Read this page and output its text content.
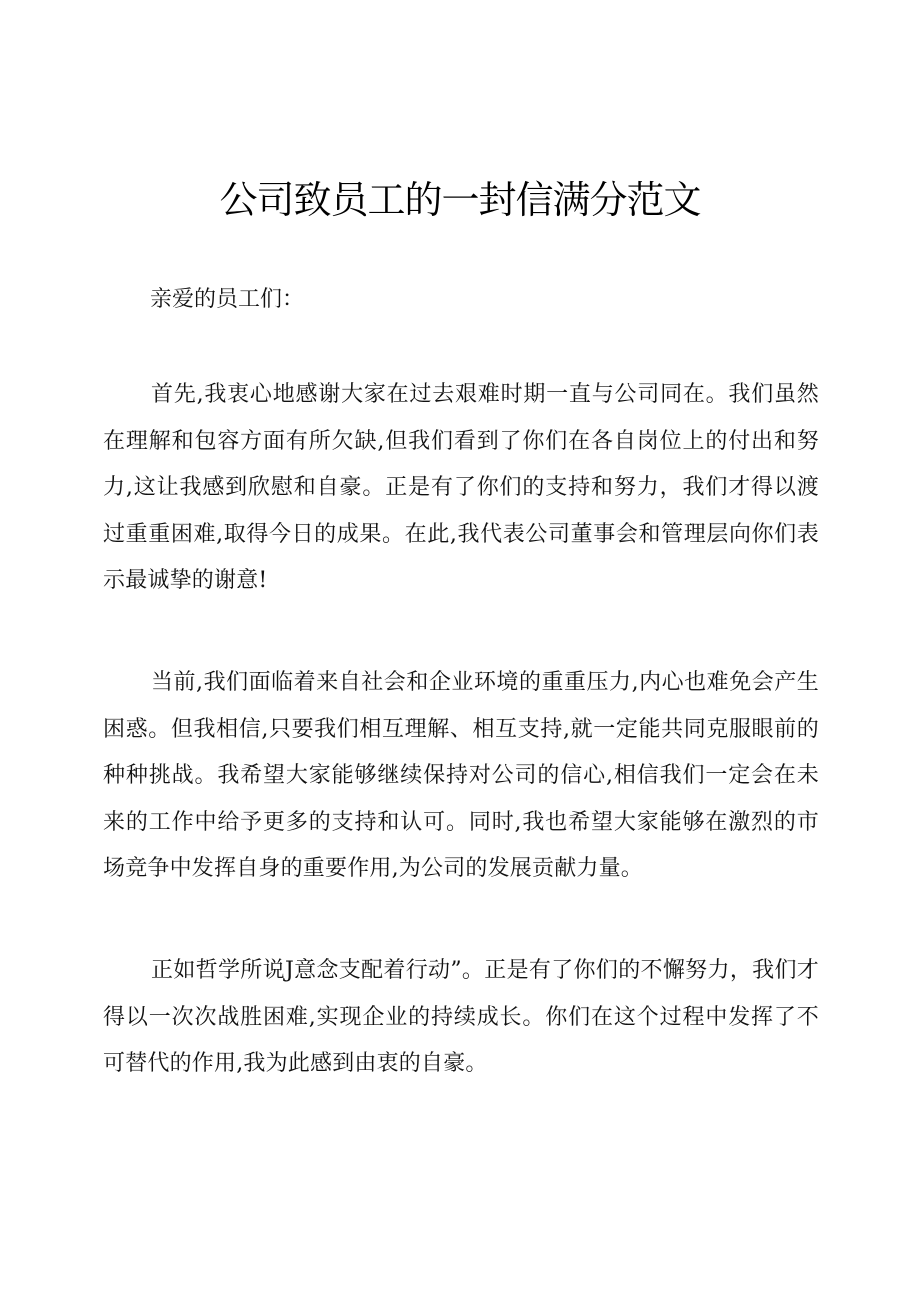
公司致员工的一封信满分范文

亲爱的员工们：

首先,我衷心地感谢大家在过去艰难时期一直与公司同在。我们虽然在理解和包容方面有所欠缺,但我们看到了你们在各自岗位上的付出和努力,这让我感到欣慰和自豪。正是有了你们的支持和努力，我们才得以渡过重重困难,取得今日的成果。在此,我代表公司董事会和管理层向你们表示最诚挚的谢意!

当前,我们面临着来自社会和企业环境的重重压力,内心也难免会产生困惑。但我相信,只要我们相互理解、相互支持,就一定能共同克服眼前的种种挑战。我希望大家能够继续保持对公司的信心,相信我们一定会在未来的工作中给予更多的支持和认可。同时,我也希望大家能够在激烈的市场竞争中发挥自身的重要作用,为公司的发展贡献力量。

正如哲学所说J意念支配着行动”。正是有了你们的不懈努力，我们才得以一次次战胜困难,实现企业的持续成长。你们在这个过程中发挥了不可替代的作用,我为此感到由衷的自豪。
